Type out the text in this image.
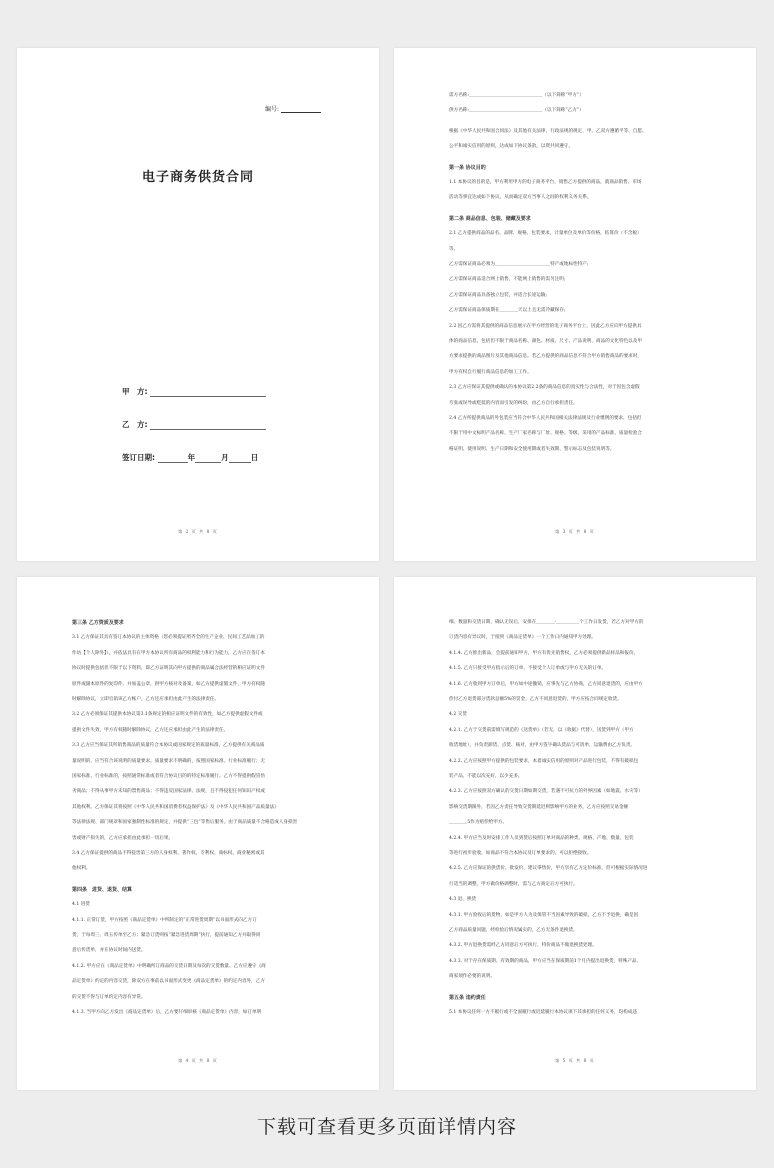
编号:
电子商务供货合同
甲　方:
乙　方:
签订日期:	年	月	日
第 2 页 共 8 页

需方名称:＿＿＿＿＿＿＿＿＿＿＿＿＿＿＿＿（以下简称“甲方”）

供方名称:＿＿＿＿＿＿＿＿＿＿＿＿＿＿＿＿（以下简称“乙方”）

根据《中华人民共和国合同法》及其他有关法律、行政法规的规定，甲、乙双方遵循平等、自愿、

公平和诚实信用的原则，达成如下协议条款，以资共同遵守。

第一条 协议目的

1.1 本协议的目的是，甲方利用甲方的电子商务平台，销售乙方提供的商品，就商品销售、市场

活动等事宜达成如下协议，从而确定双方当事人之间的权利义务关系。

第二条 商品信息、包装、储藏及要求

2.1 乙方提供商品的品名、品牌、规格、包装要求、计量单位及单价等价格，结算价（不含税）

等。

乙方需保证商品必须为＿＿＿＿＿＿＿＿＿＿＿＿特产或地标性特产;

乙方需保证商品适合网上销售，不能网上销售的需另注明;

乙方需保证商品具备独立包装，并适合长途运输;

乙方需保证商品保质期在＿＿＿＿天以上且无需冷藏保存;

2.2 因乙方需将其提供的商品信息展示在甲方经营的电子商务平台上，因此乙方应向甲方提供具

体的商品信息，包括但不限于商品名称、颜色、材质、尺寸、产品说明、商品的文化特色以及甲

方要求提供的商品图片及其他商品信息。若乙方提供的商品信息不符合甲方销售商品的要求时，

甲方有权自行履行商品信息的加工工作。

2.3 乙方应保证其提供或确认的本协议第2.2条的商品信息的真实性与合法性，对于因包含虚假

夸张或误导或贬低的内容而引发的纠纷，由乙方自行承担责任。

2.4 乙方所提供商品的外包装应当符合中华人民共和国相关法律法规及行业惯例的要求，包括但

不限于用中文标明产品名称、生产厂家名称与厂址、规格、等级、采用的产品标准、质量检验合

格证明、使用说明、生产日期和安全使用期或者失效期、警示标志及包装说明等。

第 3 页 共 8 页

第三条 乙方资质及要求

3.1 乙方保证其具有签订本协议的主体资格（您必须提证照齐全的生产企业，民间工艺品加工的

作坊【个人除外】），并依法具有在甲方本协议所有商品的权利能力和行为能力，乙方应在签订本

协议时提供包括但不限于以下资料，即乙方证明其向甲方提供的商品属合法经营的相应证明文件

原件或副本原件的复印件，并加盖公章，供甲方核对及备案，如乙方提供虚假文件，甲方有权随

时解除协议，立即官销该乙方帐户，乙方还应承担由此产生的法律责任。

3.2 乙方必须保证其提供本协议第3.1条规定的相应证明文件的有效性，如乙方提供虚假文件或

提供文件失效，甲方有权随时解除协议，乙方还应承担由此产生的法律责任。

3.3 乙方应当保证其所销售商品的质量符合本协议或国家规定的质量标准，乙方提供有关商品质

量说明的，应当符合该说明的质量要求。质量要求不明确的，按照国家标准、行业标准履行；无

国家标准、行业标准的，按照通常标准或者符合协议目的的特定标准履行。乙方不得提供假冒伪

劣商品；不得从事甲方未知的禁售商品；不得违反国家法律、法规，且不得侵犯任何知识产权或

其他权利。乙方保证其将按照《中华人民共和国消费者权益保护法》及《中华人民共和国产品质量法》

等法律法规、部门规章和国家强制性标准的规定，并提供“三包”等售后服务。由于商品质量不合格造成人身损害

害或财产损失的，乙方应承担由此承担一切后果。

3.4 乙方保证提供的商品不得侵害第三方的人身权利、著作权、专利权、商标权、商业秘密或其

他权利。

第四条　进货、退货、结算

4.1 进货

4.1.1. 正常订货，甲方按照《商品定货单》中所制定的“正常进货周期”以书面形式向乙方订

货，于每周三、周五传单至乙方；紧急订货则按“紧急进货周期”执行，提前通知乙方并取得同

意后传货单，并在协议时间内送货。

4.1.2. 甲方应在《商品定货单》中明确所订商品的交货日期及每次的交货数量、乙方应遵守《商

品定货单》约定的内容交货，除双方在事前以书面形式变更《商品定货单》的约定内容外，乙方

的交货不得与订单约定内容有异常。

4.1.3. 当甲方向乙方发出《商品定货单》后，乙方要仔细审核《商品定货单》内容，如订单明

第 4 页 共 8 页

细、数量和交货日期，确认无误后，安排在＿＿＿＿-＿＿＿＿＿个工作日发货，若乙方对甲方的

订货内容有异议时，于接到《商品定货单》一个工作日内通知甲方处理。

4.1.4. 乙方推出新品，会提前通知甲方，甲方有优先销售权，乙方必须提供新品样品和报价。

4.1.5. 乙方只接受甲方指示后的订单，不接受个人订单或与甲方无关的订单。

4.1.6. 乙方收到甲方订单后，甲方如中途撤销，应事先与乙方协商，乙方同意退货的，应由甲方

偿付乙方退货部分货款总额5%的罚金，乙方不同意退货的，甲方应按合同规定收货。

4.2 交货

4.2.1. 乙方于交货前需填写规范的《送货单》（若无，以《收据》代替），送货到甲方（甲方

收货地址），并负责卸货、点货、核对，由甲方签字确认货品与可清单，运输费由乙方负责。

4.2.2. 乙方应按照甲方提供的包装要求，本着诚实信用的原则对产品进行包装，不得有破损包

装产品，不能以次充好，以少充多。

4.2.3. 乙方应按照双方确认的交货日期如期交货，若遇不可抗力的外界因素（如地震、水灾等）

影响交货期限外，若因乙方责任导致交货期延迟则影响甲方的业务，乙方应按照交易金额

＿＿＿＿5作为赔偿给甲方。

4.2.4. 甲方应当及时安排工作人员到货后按照订单对商品的种类、规格、产地、数量、包装

等进行初步验收，如商品不符合本协议及订单要求的，可以拒绝接收。

4.2.5. 乙方应保证的供货价、批发价、建议零售价，甲方享有乙方定价标准，但可根据实际情况进

行适当的调整，甲方做价格调整时，需与乙方商定后方可执行。

4.3 退、换货

4.3.1. 甲方验收后的货物，如是甲方人为及保管不当因素导致的破损，乙方不予退换，确是因

乙方商品质量问题，经检验后情况属实的，乙方无条件退换货。

4.3.2. 甲方退换货需经乙方同意后方可执行，特价商品不做退换货处理。

4.3.3. 对于存在保质期、有效期的商品，甲方应当在保质期前1个月内提出退换货，特殊产品，

商家须作必要的说明。

第五条 违约责任

5.1 本协议任何一方不履行或不全面履行或迟延履行本协议项下其承担的任何义务，均构成违

第 5 页 共 8 页
下载可查看更多页面详情内容
